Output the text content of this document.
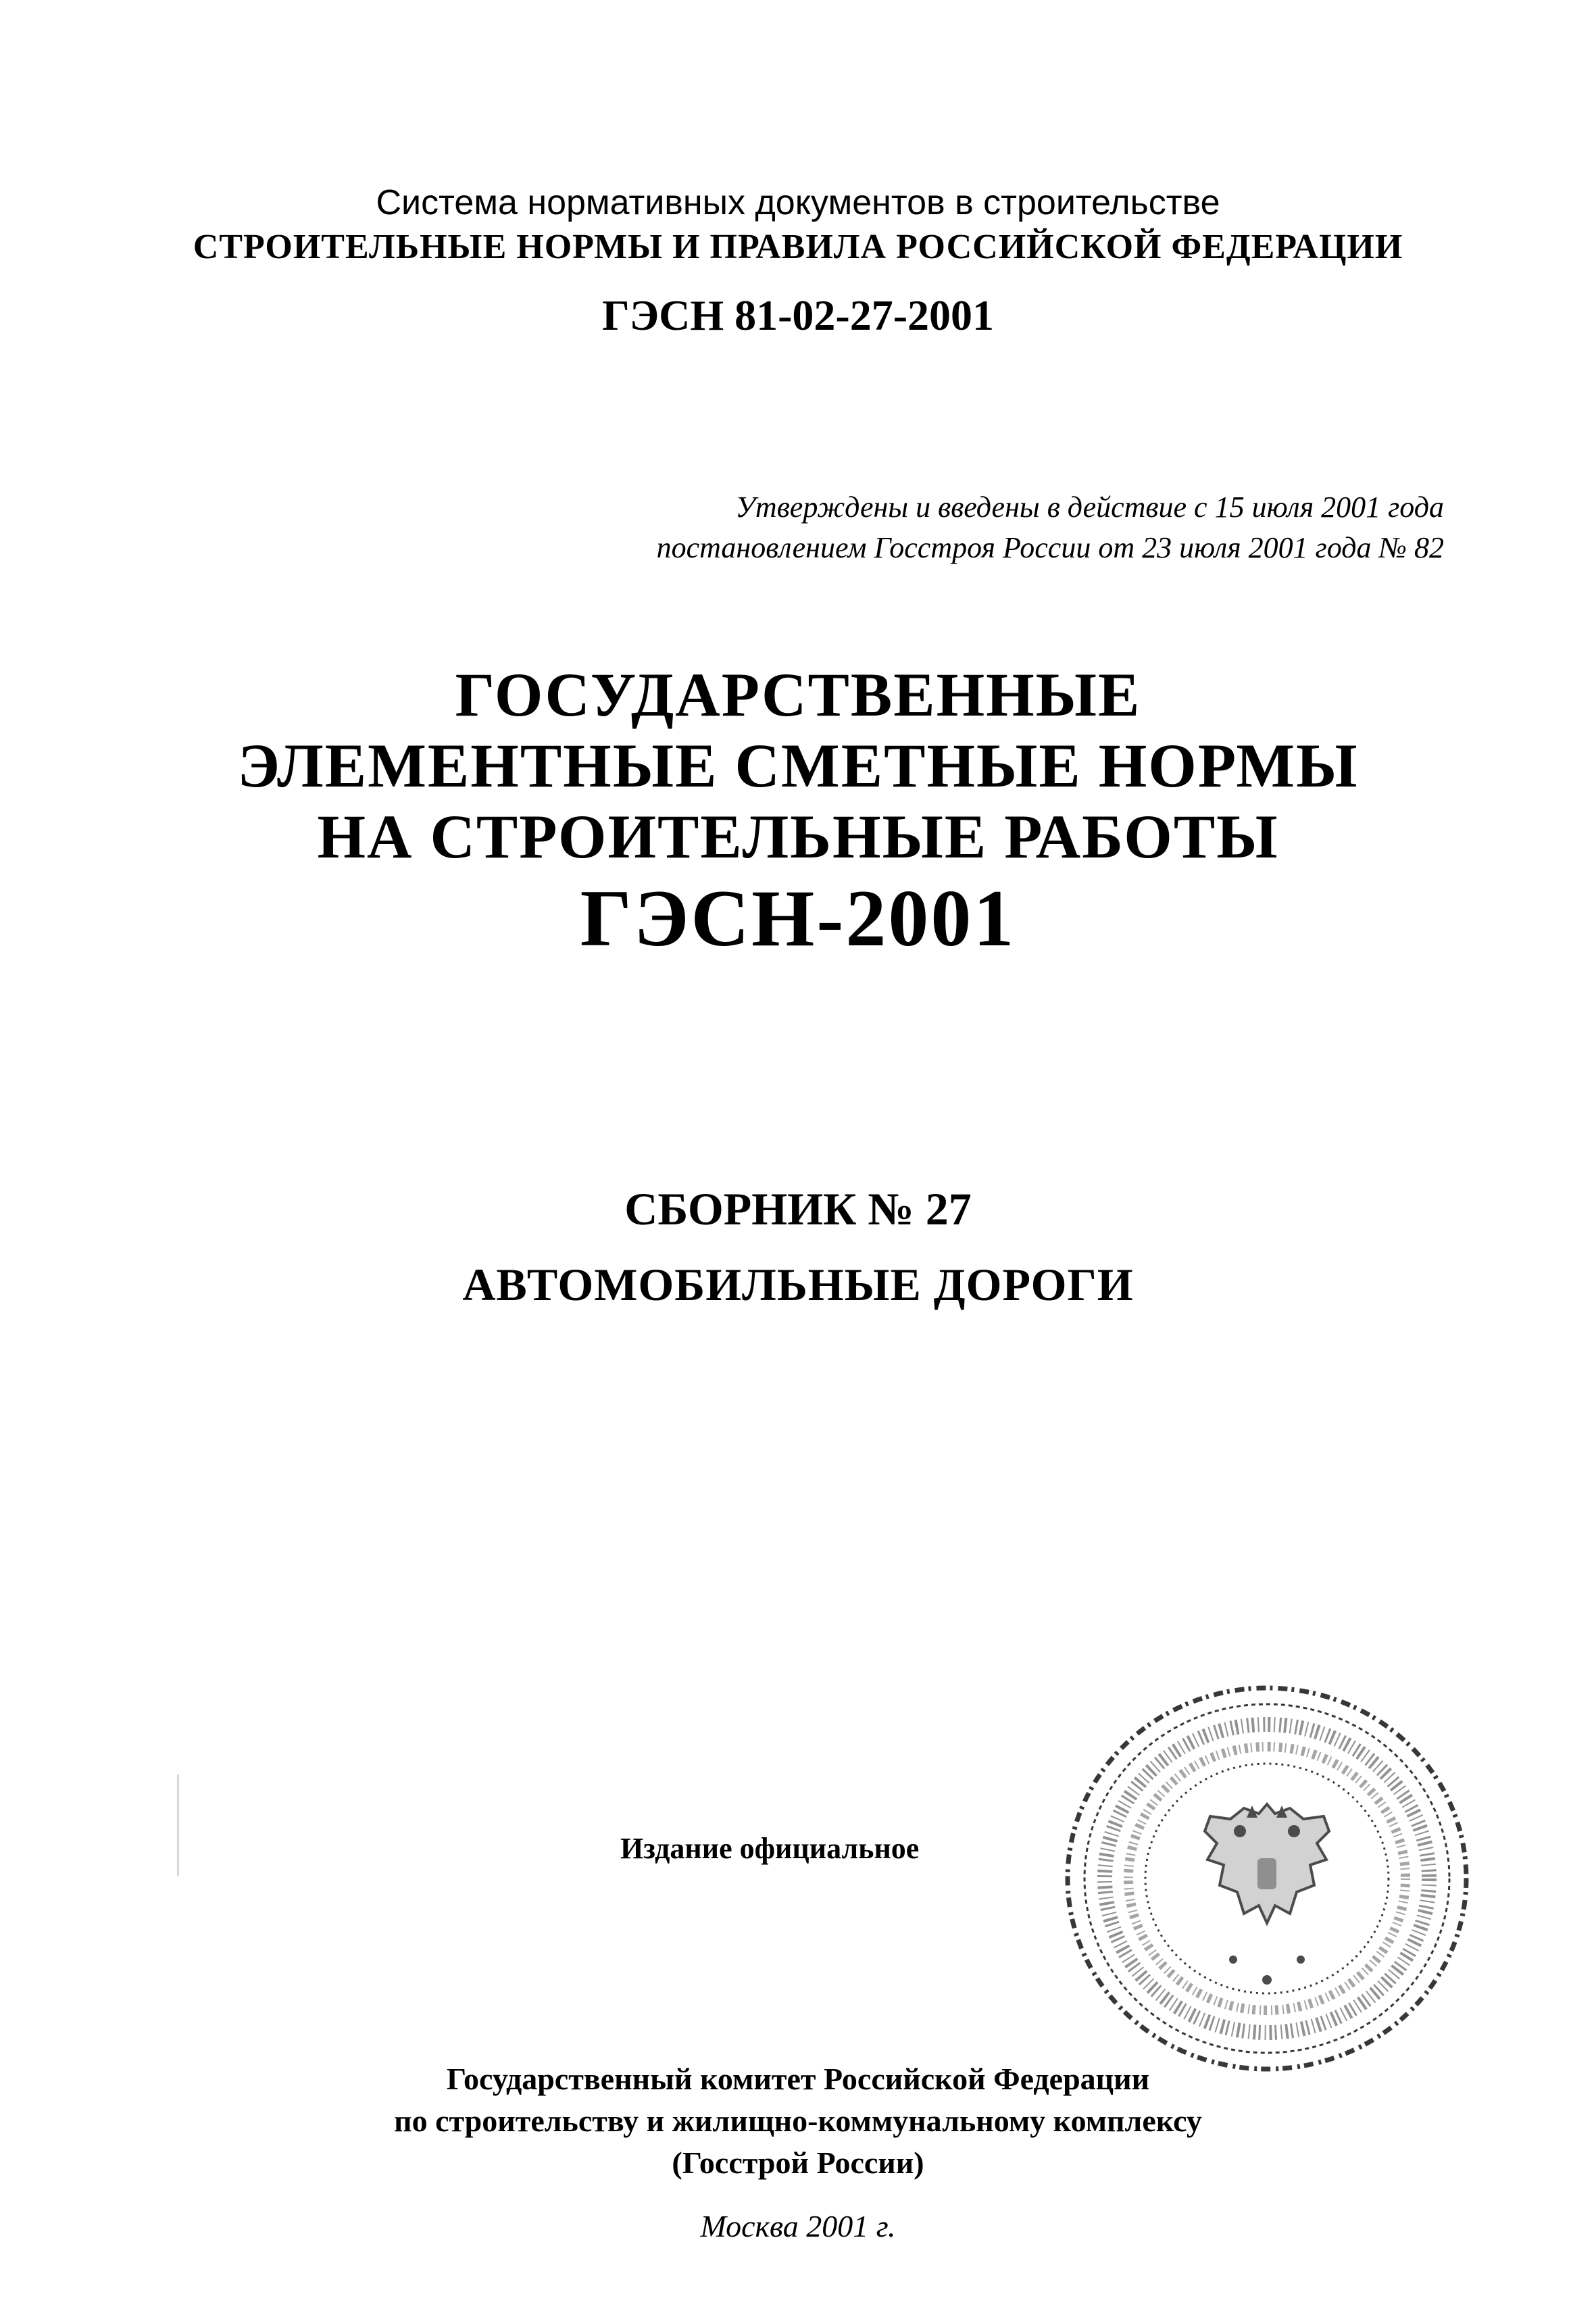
Система нормативных документов в строительстве
СТРОИТЕЛЬНЫЕ НОРМЫ И ПРАВИЛА РОССИЙСКОЙ ФЕДЕРАЦИИ
ГЭСН 81-02-27-2001
Утверждены и введены в действие с 15 июля 2001 года
постановлением Госстроя России от 23 июля 2001 года № 82
ГОСУДАРСТВЕННЫЕ
ЭЛЕМЕНТНЫЕ СМЕТНЫЕ НОРМЫ
НА СТРОИТЕЛЬНЫЕ РАБОТЫ
ГЭСН-2001
СБОРНИК № 27
АВТОМОБИЛЬНЫЕ ДОРОГИ
Издание официальное
Государственный комитет Российской Федерации
по строительству и жилищно-коммунальному комплексу
(Госстрой России)
Москва 2001 г.
